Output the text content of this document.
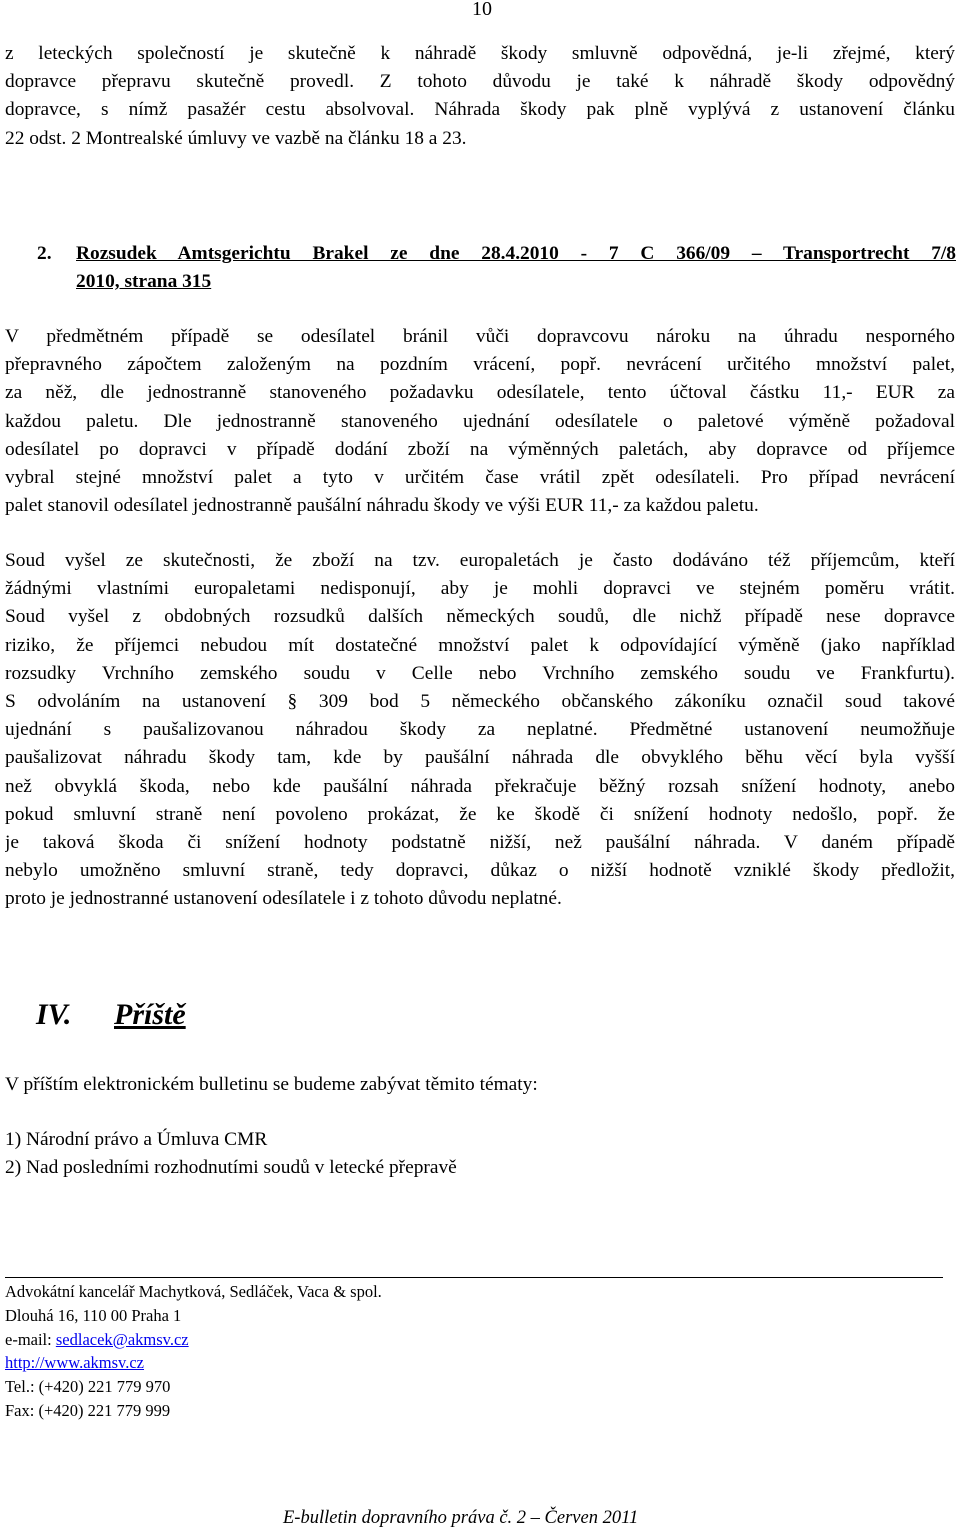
10
z leteckých společností je skutečně k náhradě škody smluvně odpovědná, je-li zřejmé, který
dopravce přepravu skutečně provedl. Z tohoto důvodu je také k náhradě škody odpovědný
dopravce, s nímž pasažér cestu absolvoval. Náhrada škody pak plně vyplývá z ustanovení článku
22 odst. 2 Montrealské úmluvy ve vazbě na článku 18 a 23.
2. Rozsudek Amtsgerichtu Brakel ze dne 28.4.2010 - 7 C 366/09 – Transportrecht 7/8
2010, strana 315
V předmětném případě se odesílatel bránil vůči dopravcovu nároku na úhradu nesporného
přepravného zápočtem založeným na pozdním vrácení, popř. nevrácení určitého množství palet,
za něž, dle jednostranně stanoveného požadavku odesílatele, tento účtoval částku 11,- EUR za
každou paletu. Dle jednostranně stanoveného ujednání odesílatele o paletové výměně požadoval
odesílatel po dopravci v případě dodání zboží na výměnných paletách, aby dopravce od příjemce
vybral stejné množství palet a tyto v určitém čase vrátil zpět odesílateli. Pro případ nevrácení
palet stanovil odesílatel jednostranně paušální náhradu škody ve výši EUR 11,- za každou paletu.
Soud vyšel ze skutečnosti, že zboží na tzv. europaletách je často dodáváno též příjemcům, kteří
žádnými vlastními europaletami nedisponují, aby je mohli dopravci ve stejném poměru vrátit.
Soud vyšel z obdobných rozsudků dalších německých soudů, dle nichž případě nese dopravce
riziko, že příjemci nebudou mít dostatečné množství palet k odpovídající výměně (jako například
rozsudky Vrchního zemského soudu v Celle nebo Vrchního zemského soudu ve Frankfurtu).
S odvoláním na ustanovení § 309 bod 5 německého občanského zákoníku označil soud takové
ujednání s paušalizovanou náhradou škody za neplatné. Předmětné ustanovení neumožňuje
paušalizovat náhradu škody tam, kde by paušální náhrada dle obvyklého běhu věcí byla vyšší
než obvyklá škoda, nebo kde paušální náhrada překračuje běžný rozsah snížení hodnoty, anebo
pokud smluvní straně není povoleno prokázat, že ke škodě či snížení hodnoty nedošlo, popř. že
je taková škoda či snížení hodnoty podstatně nižší, než paušální náhrada. V daném případě
nebylo umožněno smluvní straně, tedy dopravci, důkaz o nižší hodnotě vzniklé škody předložit,
proto je jednostranné ustanovení odesílatele i z tohoto důvodu neplatné.
IV. Příště
V příštím elektronickém bulletinu se budeme zabývat těmito tématy:
1) Národní právo a Úmluva CMR
2) Nad posledními rozhodnutími soudů v letecké přepravě
Advokátní kancelář Machytková, Sedláček, Vaca & spol.
Dlouhá 16, 110 00 Praha 1
e-mail: sedlacek@akmsv.cz
http://www.akmsv.cz
Tel.: (+420) 221 779 970
Fax: (+420) 221 779 999
E-bulletin dopravního práva č. 2 – Červen 2011
